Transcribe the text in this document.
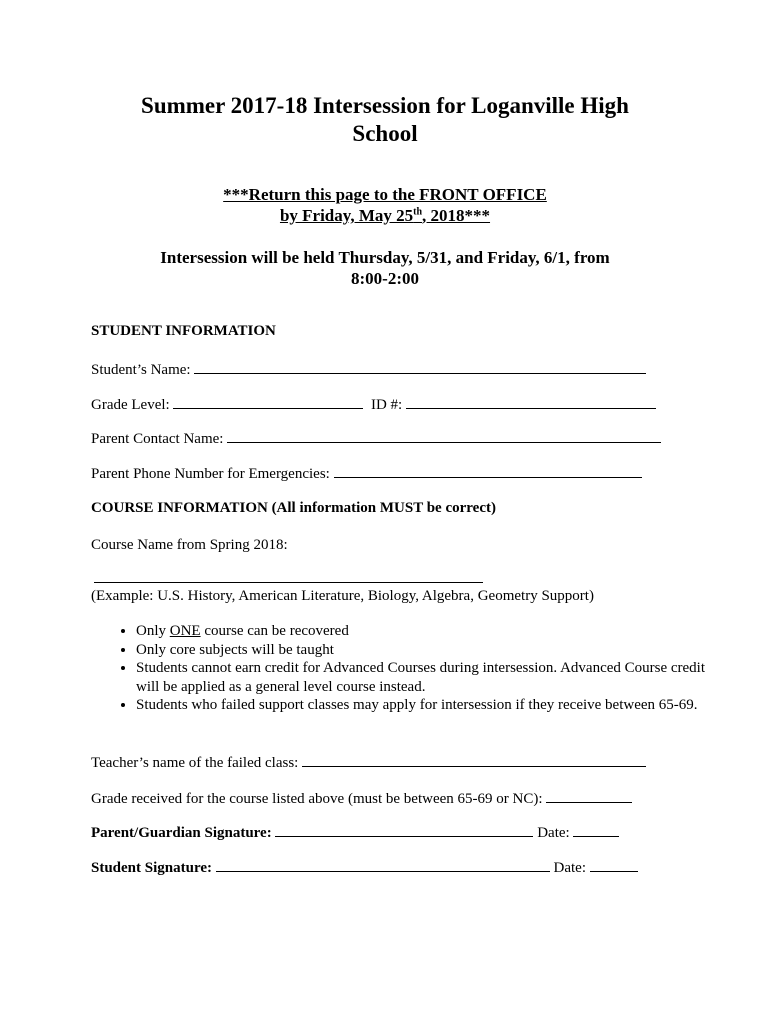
Summer 2017-18 Intersession for Loganville High
School
***Return this page to the FRONT OFFICE
by Friday, May 25th, 2018***
Intersession will be held Thursday, 5/31, and Friday, 6/1, from
8:00-2:00
STUDENT INFORMATION
Student’s Name:
Grade Level:	ID #:
Parent Contact Name:
Parent Phone Number for Emergencies:
COURSE INFORMATION (All information MUST be correct)
Course Name from Spring 2018:
(Example: U.S. History, American Literature, Biology, Algebra, Geometry Support)
• Only ONE course can be recovered
• Only core subjects will be taught
• Students cannot earn credit for Advanced Courses during intersession. Advanced Course credit will be applied as a general level course instead.
• Students who failed support classes may apply for intersession if they receive between 65-69.
Teacher’s name of the failed class:
Grade received for the course listed above (must be between 65-69 or NC):
Parent/Guardian Signature:	Date:
Student Signature:	Date:
